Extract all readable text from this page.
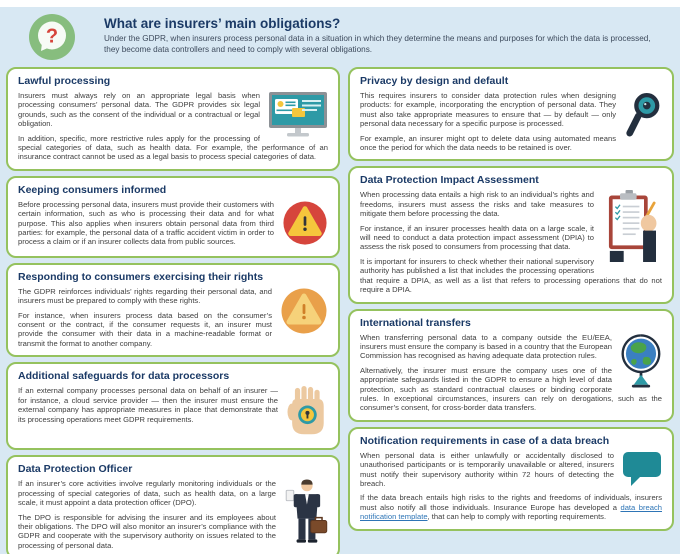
?

What are insurers’ main obligations?

Under the GDPR, when insurers process personal data in a situation in which they determine the means and purposes for which the data is processed, they become data controllers and need to comply with several obligations.

Lawful processing

Insurers must always rely on an appropriate legal basis when processing consumers’ personal data. The GDPR provides six legal grounds, such as the consent of the individual or a contractual or legal obligation.

In addition, specific, more restrictive rules apply for the processing of special categories of data, such as health data. For example, the performance of an insurance contract cannot be used as a legal basis to process special categories of data.

Keeping consumers informed

Before processing personal data, insurers must provide their customers with certain information, such as who is processing their data and for what purpose. This also applies when insurers obtain personal data from third parties: for example, the personal data of a traffic accident victim in order to process a claim or if an insurer collects data from public sources.

Responding to consumers exercising their rights

The GDPR reinforces individuals’ rights regarding their personal data, and insurers must be prepared to comply with these rights.

For instance, when insurers process data based on the consumer’s consent or the contract, if the consumer requests it, an insurer must provide the consumer with their data in a machine-readable format or transmit the format to another company.

Additional safeguards for data processors

If an external company processes personal data on behalf of an insurer — for instance, a cloud service provider — then the insurer must ensure the external company has appropriate measures in place that demonstrate that its processing operations meet GDPR requirements.

Data Protection Officer

If an insurer’s core activities involve regularly monitoring individuals or the processing of special categories of data, such as health data, on a large scale, it must appoint a data protection officer (DPO).

The DPO is responsible for advising the insurer and its employees about their obligations. The DPO will also monitor an insurer’s compliance with the GDPR and cooperate with the supervisory authority on issues related to the processing of personal data.

Privacy by design and default

This requires insurers to consider data protection rules when designing products: for example, incorporating the encryption of personal data. They must also take appropriate measures to ensure that — by default — only personal data necessary for a specific purpose is processed.

For example, an insurer might opt to delete data using automated means once the period for which the data needs to be retained is over.

Data Protection Impact Assessment

When processing data entails a high risk to an individual’s rights and freedoms, insurers must assess the risks and take measures to mitigate them before processing the data.

For instance, if an insurer processes health data on a large scale, it will need to conduct a data protection impact assessment (DPIA) to assess the risk posed to consumers from processing that data.

It is important for insurers to check whether their national supervisory authority has published a list that includes the processing operations that require a DPIA, as well as a list that refers to processing operations that do not require a DPIA.

International transfers

When transferring personal data to a company outside the EU/EEA, insurers must ensure the company is based in a country that the European Commission has recognised as having adequate data protection rules.

Alternatively, the insurer must ensure the company uses one of the appropriate safeguards listed in the GDPR to ensure a high level of data protection, such as standard contractual clauses or binding corporate rules. In exceptional circumstances, insurers can rely on derogations, such as the consumer’s consent, for cross-border data transfers.

Notification requirements in case of a data breach

When personal data is either unlawfully or accidentally disclosed to unauthorised participants or is temporarily unavailable or altered, insurers must notify their supervisory authority within 72 hours of detecting the breach.

If the data breach entails high risks to the rights and freedoms of individuals, insurers must also notify all those individuals. Insurance Europe has developed a data breach notification template, that can help to comply with reporting requirements.
